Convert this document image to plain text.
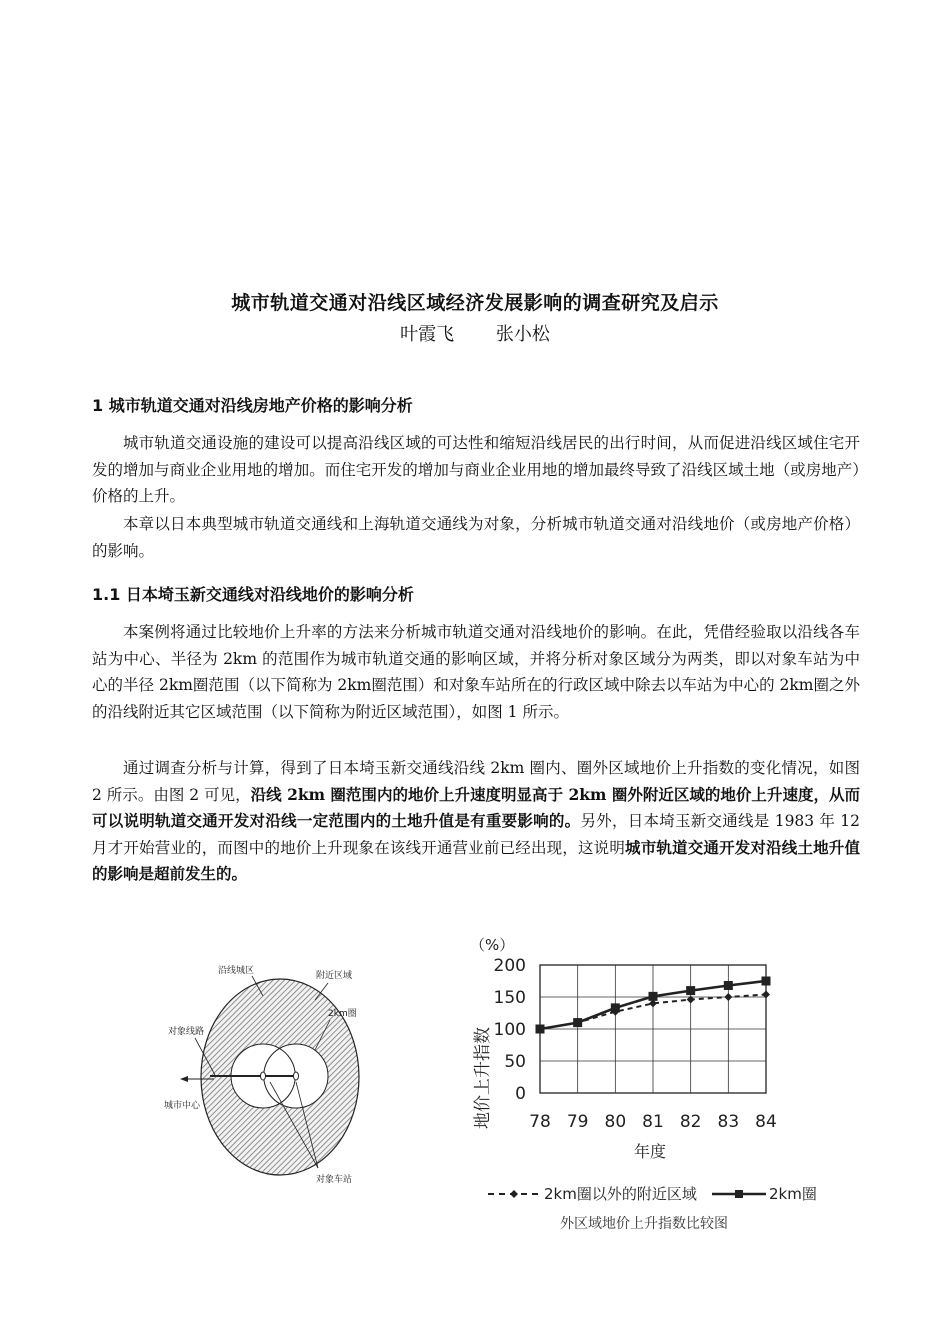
城市轨道交通对沿线区域经济发展影响的调查研究及启示
叶霞飞 张小松
1 城市轨道交通对沿线房地产价格的影响分析
城市轨道交通设施的建设可以提高沿线区域的可达性和缩短沿线居民的出行时间，从而促进沿线区域住宅开发的增加与商业企业用地的增加。而住宅开发的增加与商业企业用地的增加最终导致了沿线区域土地（或房地产）价格的上升。
本章以日本典型城市轨道交通线和上海轨道交通线为对象，分析城市轨道交通对沿线地价（或房地产价格）的影响。
1.1 日本埼玉新交通线对沿线地价的影响分析
本案例将通过比较地价上升率的方法来分析城市轨道交通对沿线地价的影响。在此，凭借经验取以沿线各车站为中心、半径为 2km 的范围作为城市轨道交通的影响区域，并将分析对象区域分为两类，即以对象车站为中心的半径 2km圈范围（以下简称为 2km圈范围）和对象车站所在的行政区域中除去以车站为中心的 2km圈之外的沿线附近其它区域范围（以下简称为附近区域范围），如图 1 所示。
通过调查分析与计算，得到了日本埼玉新交通线沿线 2km 圈内、圈外区域地价上升指数的变化情况，如图 2 所示。由图 2 可见，沿线 2km 圈范围内的地价上升速度明显高于 2km 圈外附近区域的地价上升速度，从而可以说明轨道交通开发对沿线一定范围内的土地升值是有重要影响的。另外，日本埼玉新交通线是 1983 年 12 月才开始营业的，而图中的地价上升现象在该线开通营业前已经出现，这说明城市轨道交通开发对沿线土地升值的影响是超前发生的。
沿线城区	附近区域
2km圈
对象线路
城市中心
对象车站
（%）
地价上升指数
年度
0
50
100
150
200
78 79 80 81 82 83 84
2km圈以外的附近区域	2km圈
外区域地价上升指数比较图
